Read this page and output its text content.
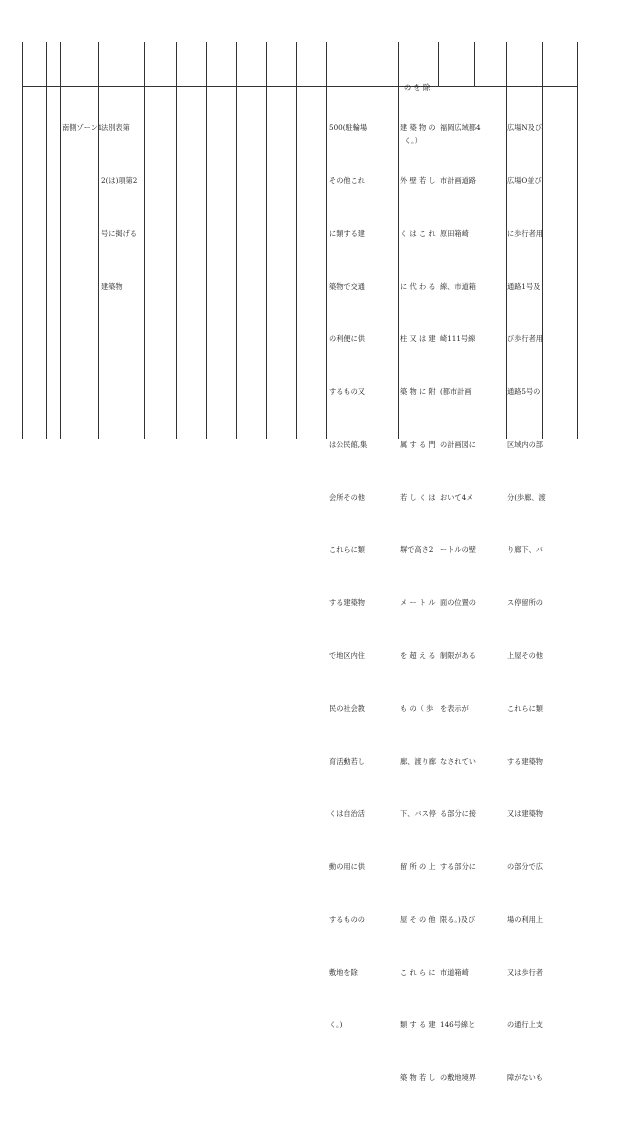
の を 除

く。）

南側ゾーン1

法別表第

2(は)項第2

号に掲げる

建築物

500(駐輪場

その他これ

に類する建

築物で交通

の利便に供

するもの又

は公民館,集

会所その他

これらに類

する建築物

で地区内住

民の社会教

育活動若し

くは自治活

動の用に供

するものの

敷地を除

く。)

建 築 物 の

外 壁 若 し

く は こ れ

に 代 わ る

柱 又 は 建

築 物 に 附

属 す る 門

若 し く は

塀で高さ2

メ ー ト ル

を 超 え る

も の（ 歩

廊、渡り廊

下、バス停

留 所 の 上

屋 そ の 他

こ れ ら に

類 す る 建

築 物 若 し

福岡広域都4

市計画道路

原田箱崎

線、市道箱

崎111号線

(都市計画

の計画図に

おいて4メ

ートルの壁

面の位置の

制限がある

を表示が

なされてい

る部分に接

する部分に

限る。)及び

市道箱崎

146号線と

の敷地境界

広場N及び

広場O並び

に歩行者用

通路1号及

び歩行者用

通路5号の

区域内の部

分(歩廊、渡

り廊下、バ

ス停留所の

上屋その他

これらに類

する建築物

又は建築物

の部分で広

場の利用上

又は歩行者

の通行上支

障がないも
